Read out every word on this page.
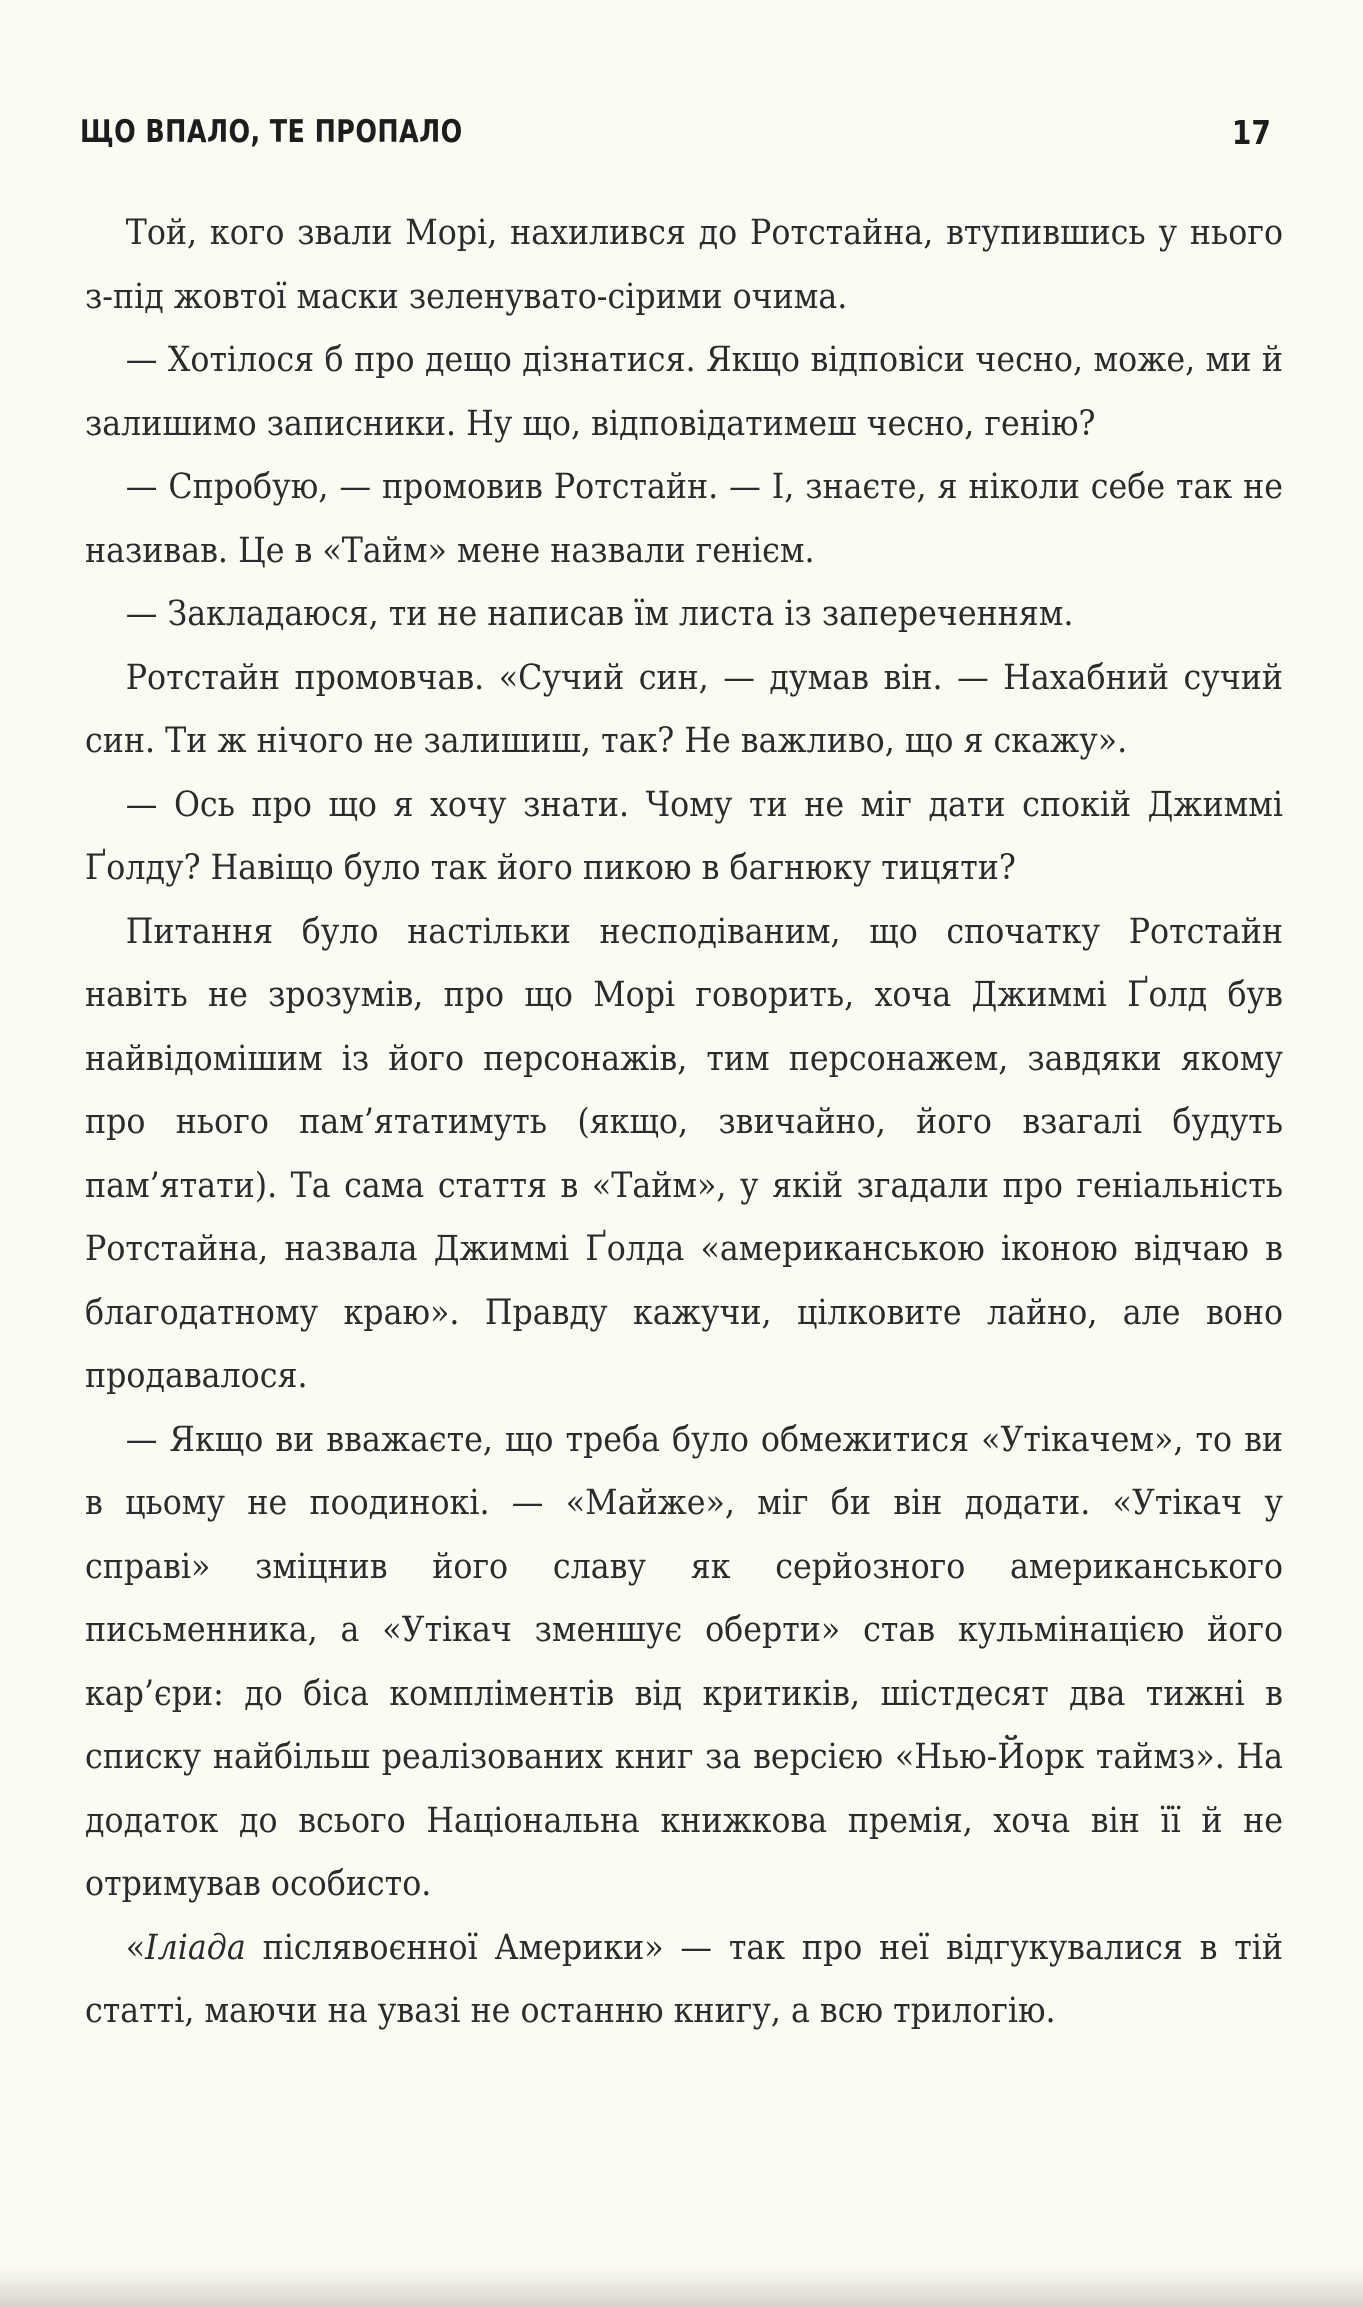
ЩО ВПАЛО, ТЕ ПРОПАЛО	17

Той, кого звали Морі, нахилився до Ротстайна, втупившись у нього з-під жовтої маски зеленувато-сірими очима.

— Хотілося б про дещо дізнатися. Якщо відповіси чесно, може, ми й залишимо записники. Ну що, відповідатимеш чесно, генію?

— Спробую, — промовив Ротстайн. — І, знаєте, я ніколи себе так не називав. Це в «Тайм» мене назвали генієм.

— Закладаюся, ти не написав їм листа із запереченням.

Ротстайн промовчав. «Сучий син, — думав він. — Нахабний сучий син. Ти ж нічого не залишиш, так? Не важливо, що я скажу».

— Ось про що я хочу знати. Чому ти не міг дати спокій Джиммі Ґолду? Навіщо було так його пикою в багнюку тицяти?

Питання було настільки несподіваним, що спочатку Ротстайн навіть не зрозумів, про що Морі говорить, хоча Джиммі Ґолд був найвідомішим із його персонажів, тим персонажем, завдяки якому про нього пам’ятатимуть (якщо, звичайно, його взагалі будуть пам’ятати). Та сама стаття в «Тайм», у якій згадали про геніальність Ротстайна, назвала Джиммі Ґолда «американською іконою відчаю в благодатному краю». Правду кажучи, цілковите лайно, але воно продавалося.

— Якщо ви вважаєте, що треба було обмежитися «Утікачем», то ви в цьому не поодинокі. — «Майже», міг би він додати. «Утікач у справі» зміцнив його славу як серйозного американського письменника, а «Утікач зменшує оберти» став кульмінацією його кар’єри: до біса компліментів від критиків, шістдесят два тижні в списку найбільш реалізованих книг за версією «Нью-Йорк таймз». На додаток до всього Національна книжкова премія, хоча він її й не отримував особисто.

«Іліада післявоєнної Америки» — так про неї відгукувалися в тій статті, маючи на увазі не останню книгу, а всю трилогію.
